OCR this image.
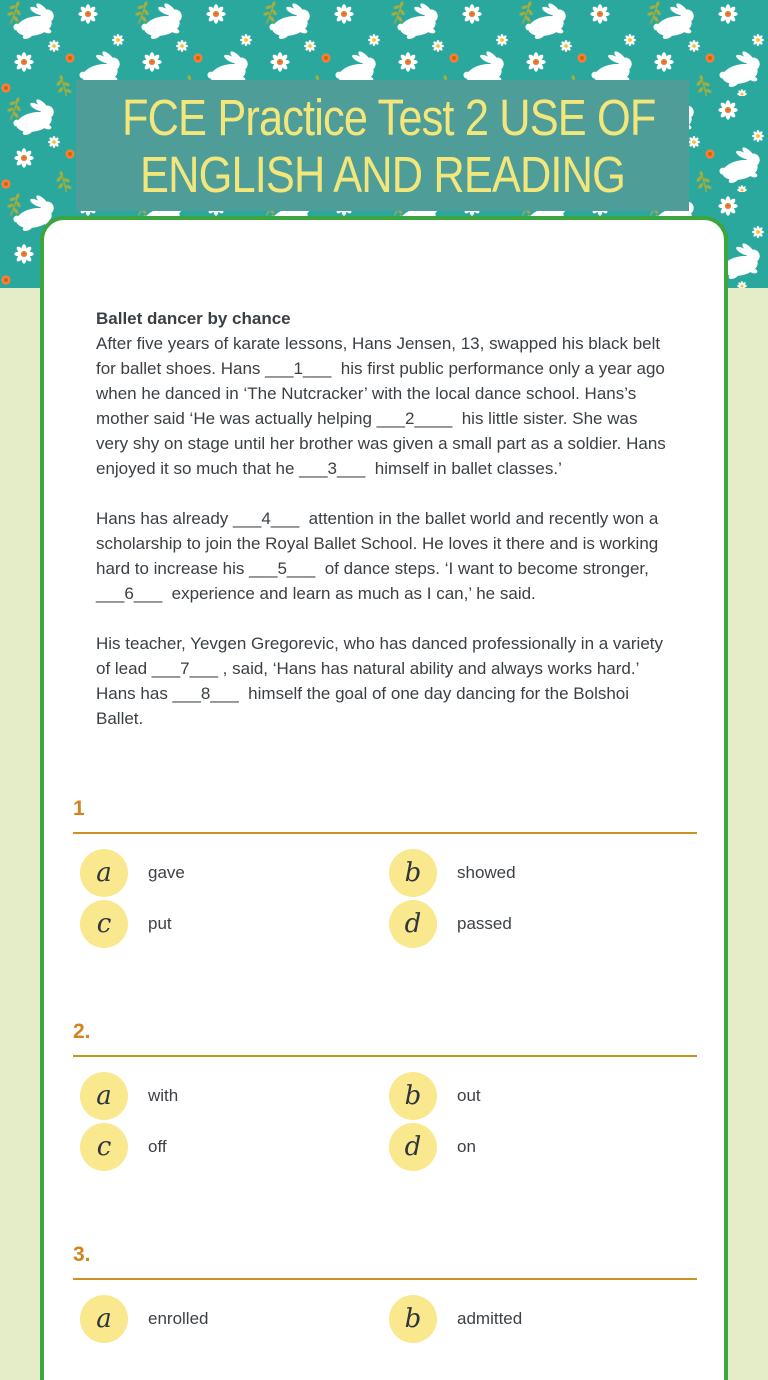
FCE Practice Test 2 USE OF
ENGLISH AND READING

Ballet dancer by chance

After five years of karate lessons, Hans Jensen, 13, swapped his black belt for ballet shoes. Hans ___1___  his first public performance only a year ago when he danced in ‘The Nutcracker’ with the local dance school. Hans’s mother said ‘He was actually helping ___2____  his little sister. She was very shy on stage until her brother was given a small part as a soldier. Hans enjoyed it so much that he ___3___  himself in ballet classes.’

Hans has already ___4___  attention in the ballet world and recently won a scholarship to join the Royal Ballet School. He loves it there and is working hard to increase his ___5___  of dance steps. ‘I want to become stronger, ___6___  experience and learn as much as I can,’ he said.

His teacher, Yevgen Gregorevic, who has danced professionally in a variety of lead ___7___ , said, ‘Hans has natural ability and always works hard.’ Hans has ___8___  himself the goal of one day dancing for the Bolshoi Ballet.

1
a gave	b showed
c put	d passed
2.
a with	b out
c off	d on
3.
a enrolled	b admitted
